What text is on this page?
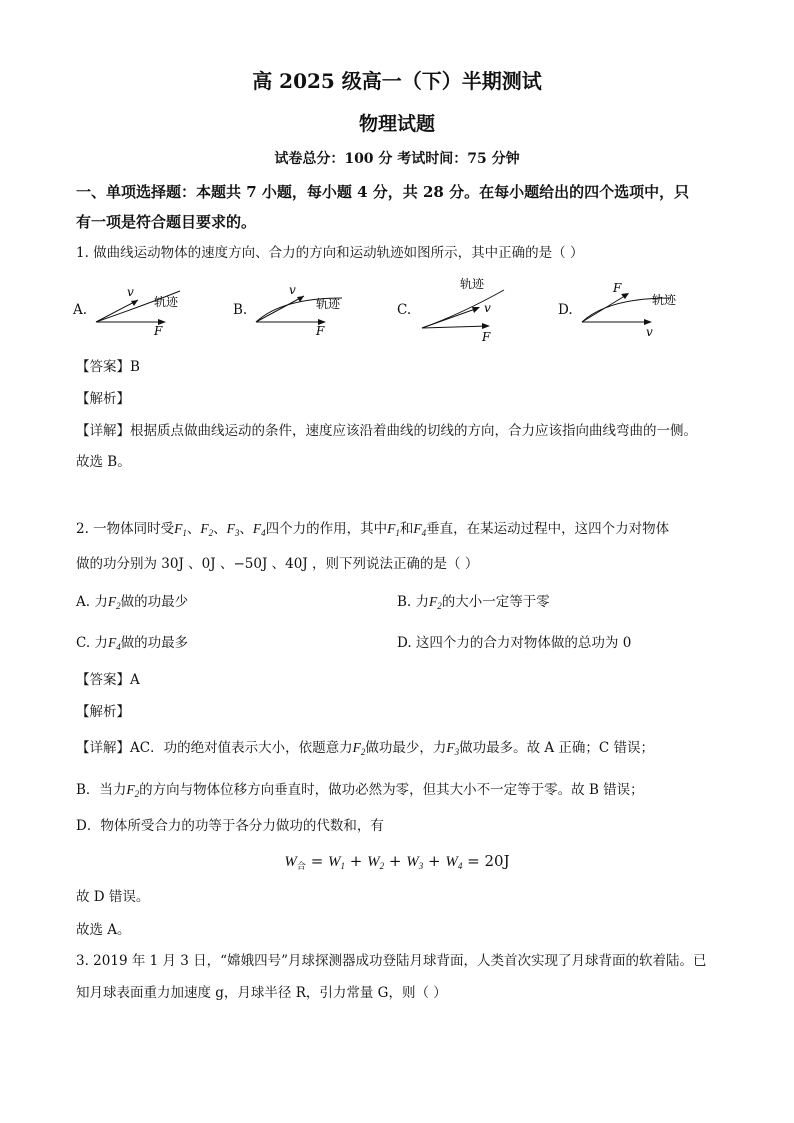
高 2025 级高一（下）半期测试
物理试题
试卷总分：100 分 考试时间：75 分钟
一、单项选择题：本题共 7 小题，每小题 4 分，共 28 分。在每小题给出的四个选项中，只
有一项是符合题目要求的。
1. 做曲线运动物体的速度方向、合力的方向和运动轨迹如图所示，其中正确的是（ ）
A.
v
F
轨迹	B.
v
F
轨迹	C.
轨迹
v
F
D.
F
轨迹
v
【答案】B
【解析】
【详解】根据质点做曲线运动的条件，速度应该沿着曲线的切线的方向，合力应该指向曲线弯曲的一侧。
故选 B。
2. 一物体同时受$F_1$、$F_2$、$F_3$、$F_4$四个力的作用，其中$F_1$和$F_4$垂直，在某运动过程中，这四个力对物体
做的功分别为 30J 、0J 、−50J 、40J ，则下列说法正确的是（ ）
A. 力$F_2$做的功最少	B. 力$F_2$的大小一定等于零
C. 力$F_4$做的功最多	D. 这四个力的合力对物体做的总功为 0
【答案】A
【解析】
【详解】AC．功的绝对值表示大小，依题意力$F_2$做功最少，力$F_3$做功最多。故 A 正确；C 错误；
B．当力$F_2$的方向与物体位移方向垂直时，做功必然为零，但其大小不一定等于零。故 B 错误；
D．物体所受合力的功等于各分力做功的代数和，有
$W_合 = W_1 + W_2 + W_3 + W_4 = 20J$
故 D 错误。
故选 A。
3. 2019 年 1 月 3 日，“嫦娥四号”月球探测器成功登陆月球背面，人类首次实现了月球背面的软着陆。已
知月球表面重力加速度 g，月球半径 R，引力常量 G，则（ ）
